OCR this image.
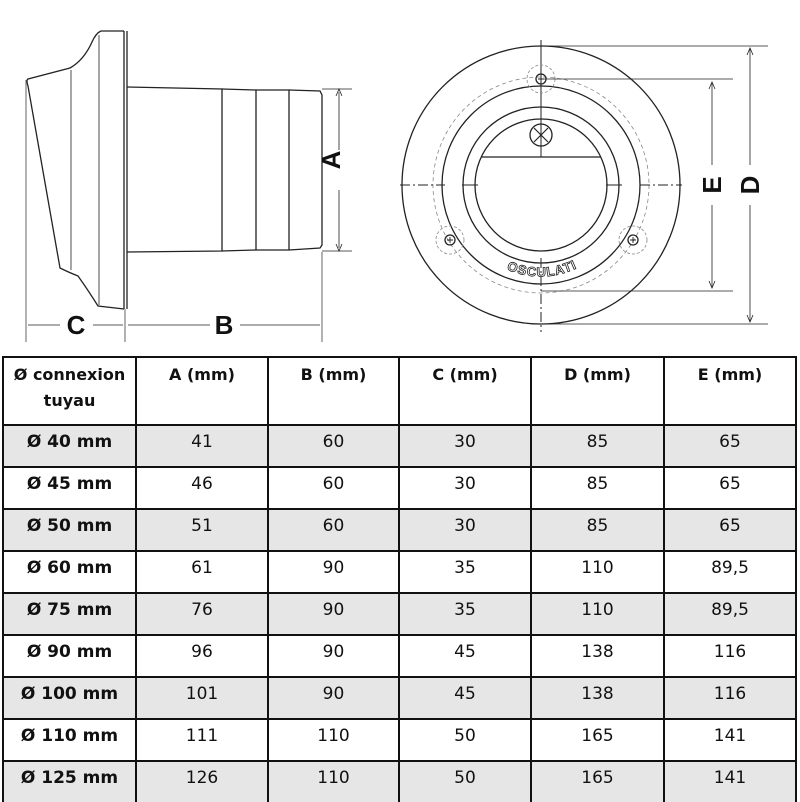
A
C	B
OSCULATI
E D
Ø connexion
tuyau	A (mm)	B (mm)	C (mm)	D (mm)	E (mm)
Ø 40 mm	41	60	30	85	65
Ø 45 mm	46	60	30	85	65
Ø 50 mm	51	60	30	85	65
Ø 60 mm	61	90	35	110	89,5
Ø 75 mm	76	90	35	110	89,5
Ø 90 mm	96	90	45	138	116
Ø 100 mm	101	90	45	138	116
Ø 110 mm	111	110	50	165	141
Ø 125 mm	126	110	50	165	141
